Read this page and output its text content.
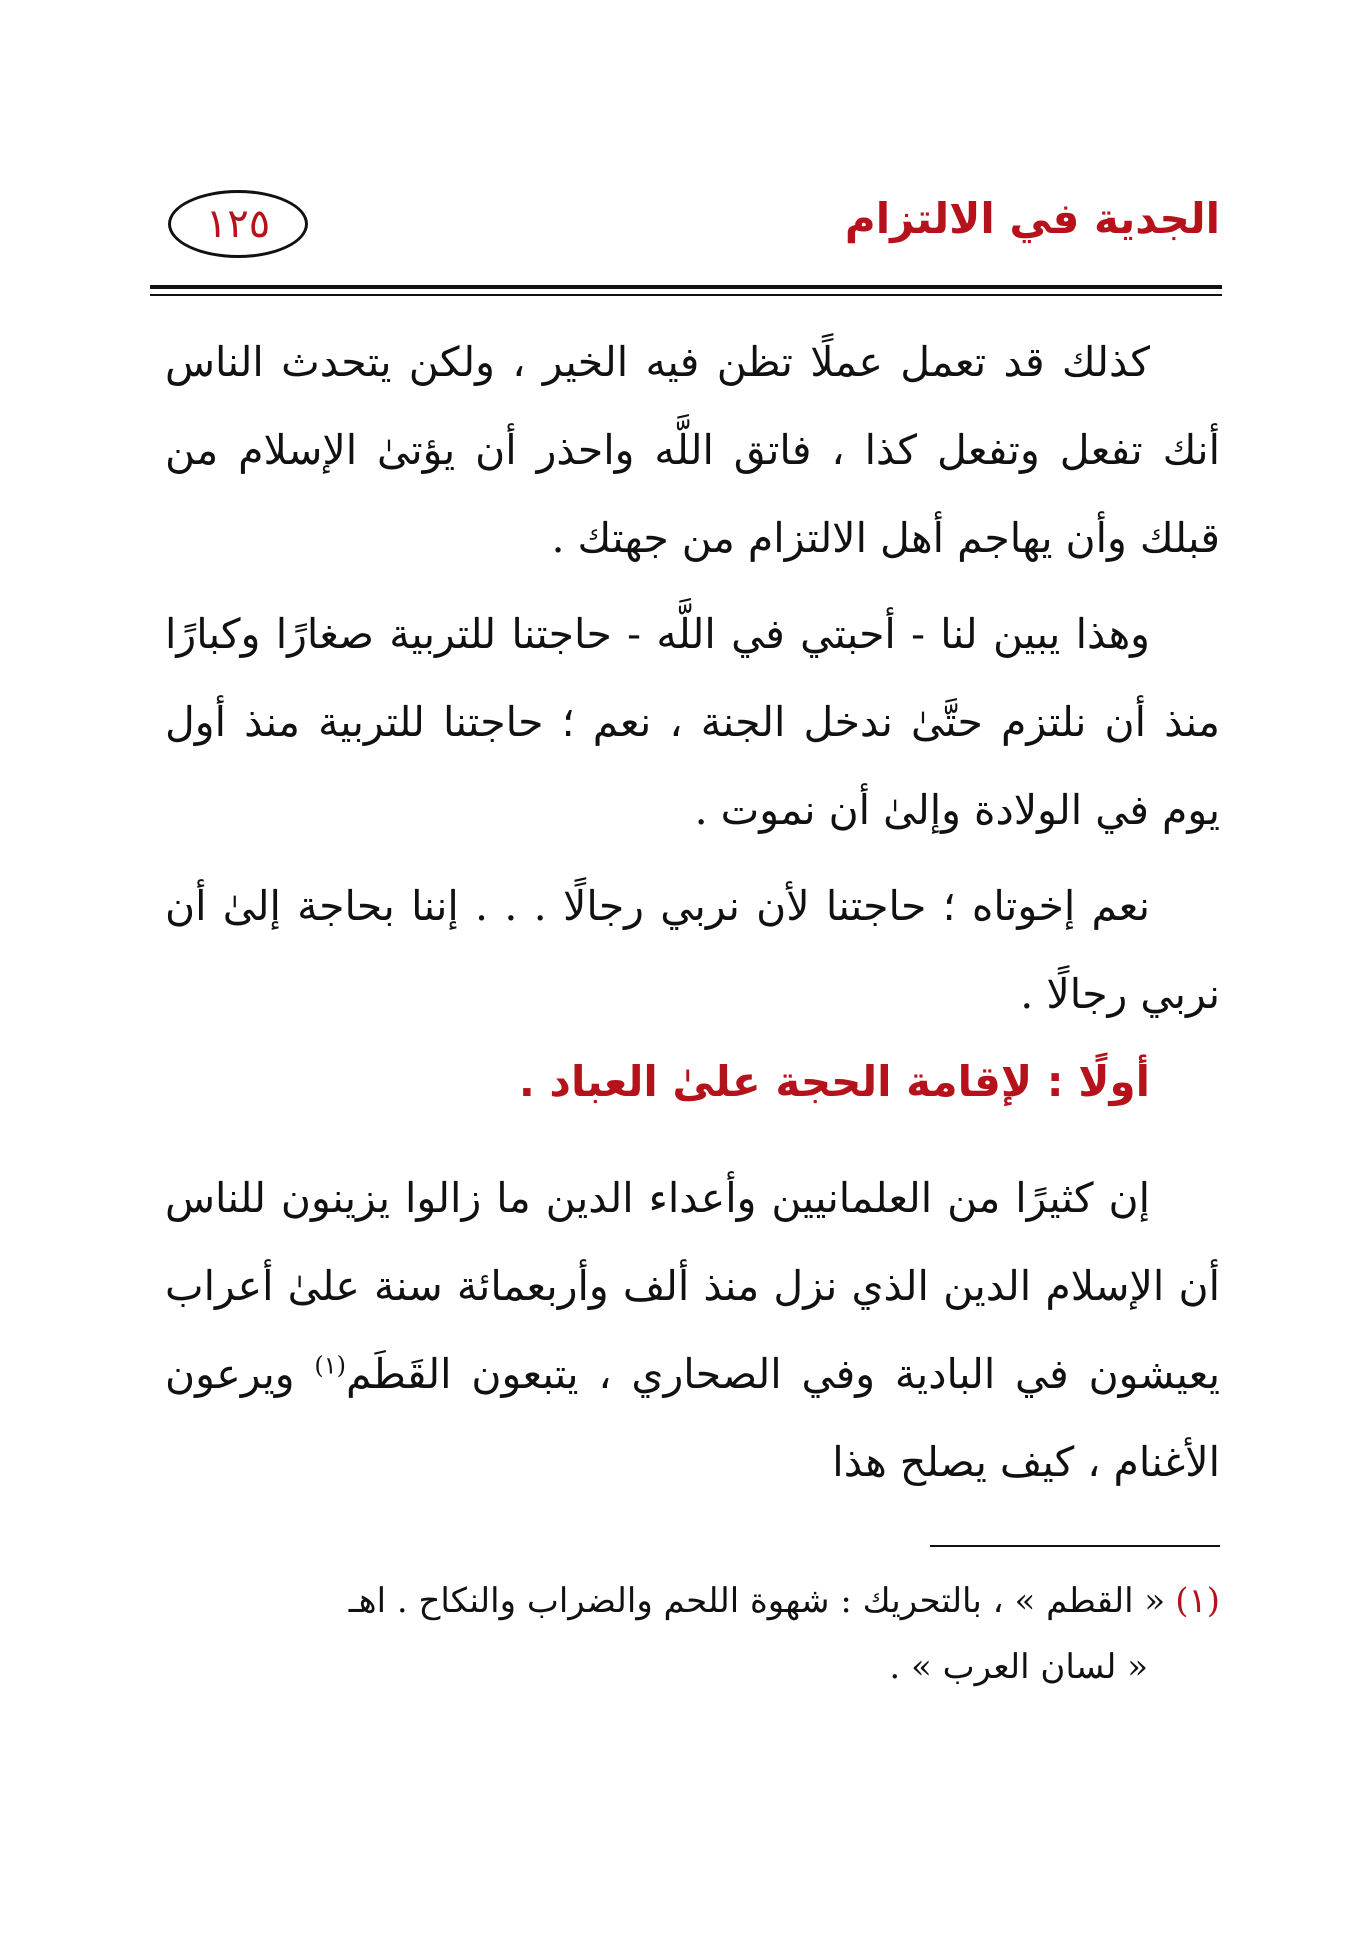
الجدية في الالتزام
١٢٥

كذلك قد تعمل عملًا تظن فيه الخير ، ولكن يتحدث الناس أنك تفعل وتفعل كذا ، فاتق اللَّه واحذر أن يؤتىٰ الإسلام من قبلك وأن يهاجم أهل الالتزام من جهتك .

وهذا يبين لنا - أحبتي في اللَّه - حاجتنا للتربية صغارًا وكبارًا منذ أن نلتزم حتَّىٰ ندخل الجنة ، نعم ؛ حاجتنا للتربية منذ أول يوم في الولادة وإلىٰ أن نموت .

نعم إخوتاه ؛ حاجتنا لأن نربي رجالًا . . . إننا بحاجة إلىٰ أن نربي رجالًا .

أولًا : لإقامة الحجة علىٰ العباد .

إن كثيرًا من العلمانيين وأعداء الدين ما زالوا يزينون للناس أن الإسلام الدين الذي نزل منذ ألف وأربعمائة سنة علىٰ أعراب يعيشون في البادية وفي الصحاري ، يتبعون القَطَم$^{(١)}$ ويرعون الأغنام ، كيف يصلح هذا

(١)« القطم » ، بالتحريك : شهوة اللحم والضراب والنكاح . اهـ
« لسان العرب » .
